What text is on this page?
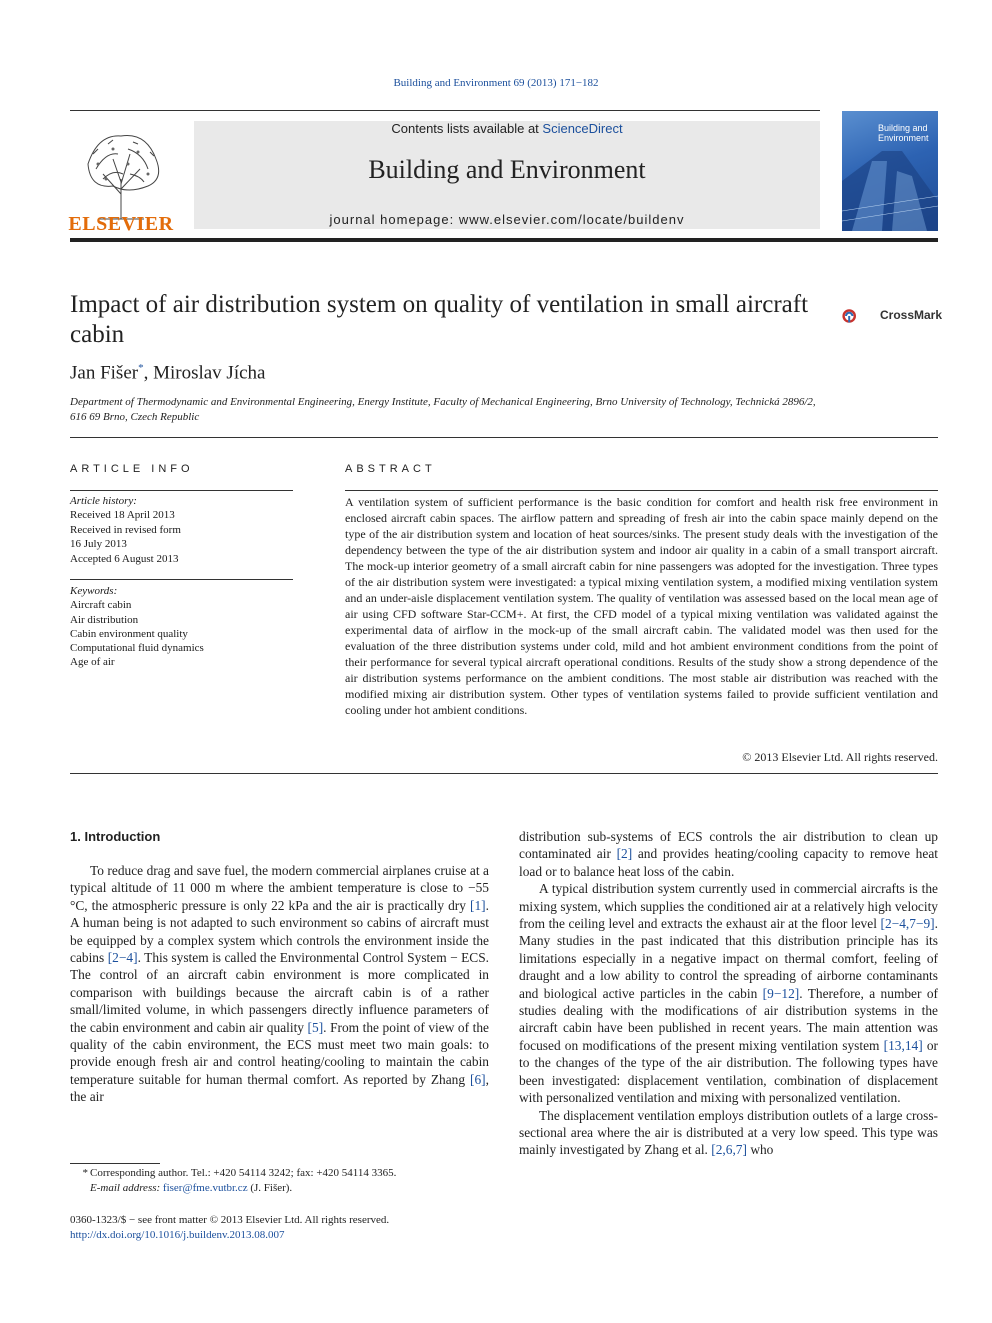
Building and Environment 69 (2013) 171−182
ELSEVIER
Contents lists available at ScienceDirect
Building and Environment
journal homepage: www.elsevier.com/locate/buildenv
Building and
Environment
Impact of air distribution system on quality of ventilation in small aircraft cabin
CrossMark
Jan Fišer*, Miroslav Jícha
Department of Thermodynamic and Environmental Engineering, Energy Institute, Faculty of Mechanical Engineering, Brno University of Technology, Technická 2896/2, 616 69 Brno, Czech Republic
ARTICLE INFO
Article history:
Received 18 April 2013
Received in revised form
16 July 2013
Accepted 6 August 2013
Keywords:
Aircraft cabin
Air distribution
Cabin environment quality
Computational fluid dynamics
Age of air
ABSTRACT
A ventilation system of sufficient performance is the basic condition for comfort and health risk free environment in enclosed aircraft cabin spaces. The airflow pattern and spreading of fresh air into the cabin space mainly depend on the type of the air distribution system and location of heat sources/sinks. The present study deals with the investigation of the dependency between the type of the air distribution system and indoor air quality in a cabin of a small transport aircraft. The mock-up interior geometry of a small aircraft cabin for nine passengers was adopted for the investigation. Three types of the air distribution system were investigated: a typical mixing ventilation system, a modified mixing ventilation system and an under-aisle displacement ventilation system. The quality of ventilation was assessed based on the local mean age of air using CFD software Star-CCM+. At first, the CFD model of a typical mixing ventilation was validated against the experimental data of airflow in the mock-up of the small aircraft cabin. The validated model was then used for the evaluation of the three distribution systems under cold, mild and hot ambient environment conditions from the point of their performance for several typical aircraft operational conditions. Results of the study show a strong dependence of the air distribution systems performance on the ambient conditions. The most stable air distribution was reached with the modified mixing air distribution system. Other types of ventilation systems failed to provide sufficient ventilation and cooling under hot ambient conditions.
© 2013 Elsevier Ltd. All rights reserved.
1. Introduction

To reduce drag and save fuel, the modern commercial airplanes cruise at a typical altitude of 11 000 m where the ambient temperature is close to −55 °C, the atmospheric pressure is only 22 kPa and the air is practically dry [1]. A human being is not adapted to such environment so cabins of aircraft must be equipped by a complex system which controls the environment inside the cabins [2−4]. This system is called the Environmental Control System − ECS. The control of an aircraft cabin environment is more complicated in comparison with buildings because the aircraft cabin is of a rather small/limited volume, in which passengers directly influence parameters of the cabin environment and cabin air quality [5]. From the point of view of the quality of the cabin environment, the ECS must meet two main goals: to provide enough fresh air and control heating/cooling to maintain the cabin temperature suitable for human thermal comfort. As reported by Zhang [6], the air

distribution sub-systems of ECS controls the air distribution to clean up contaminated air [2] and provides heating/cooling capacity to remove heat load or to balance heat loss of the cabin.

A typical distribution system currently used in commercial aircrafts is the mixing system, which supplies the conditioned air at a relatively high velocity from the ceiling level and extracts the exhaust air at the floor level [2−4,7−9]. Many studies in the past indicated that this distribution principle has its limitations especially in a negative impact on thermal comfort, feeling of draught and a low ability to control the spreading of airborne contaminants and biological active particles in the cabin [9−12]. Therefore, a number of studies dealing with the modifications of air distribution systems in the aircraft cabin have been published in recent years. The main attention was focused on modifications of the present mixing ventilation system [13,14] or to the changes of the type of the air distribution. The following types have been investigated: displacement ventilation, combination of displacement with personalized ventilation and mixing with personalized ventilation.

The displacement ventilation employs distribution outlets of a large cross-sectional area where the air is distributed at a very low speed. This type was mainly investigated by Zhang et al. [2,6,7] who

* Corresponding author. Tel.: +420 54114 3242; fax: +420 54114 3365.
E-mail address: fiser@fme.vutbr.cz (J. Fišer).
0360-1323/$ − see front matter © 2013 Elsevier Ltd. All rights reserved.
http://dx.doi.org/10.1016/j.buildenv.2013.08.007
